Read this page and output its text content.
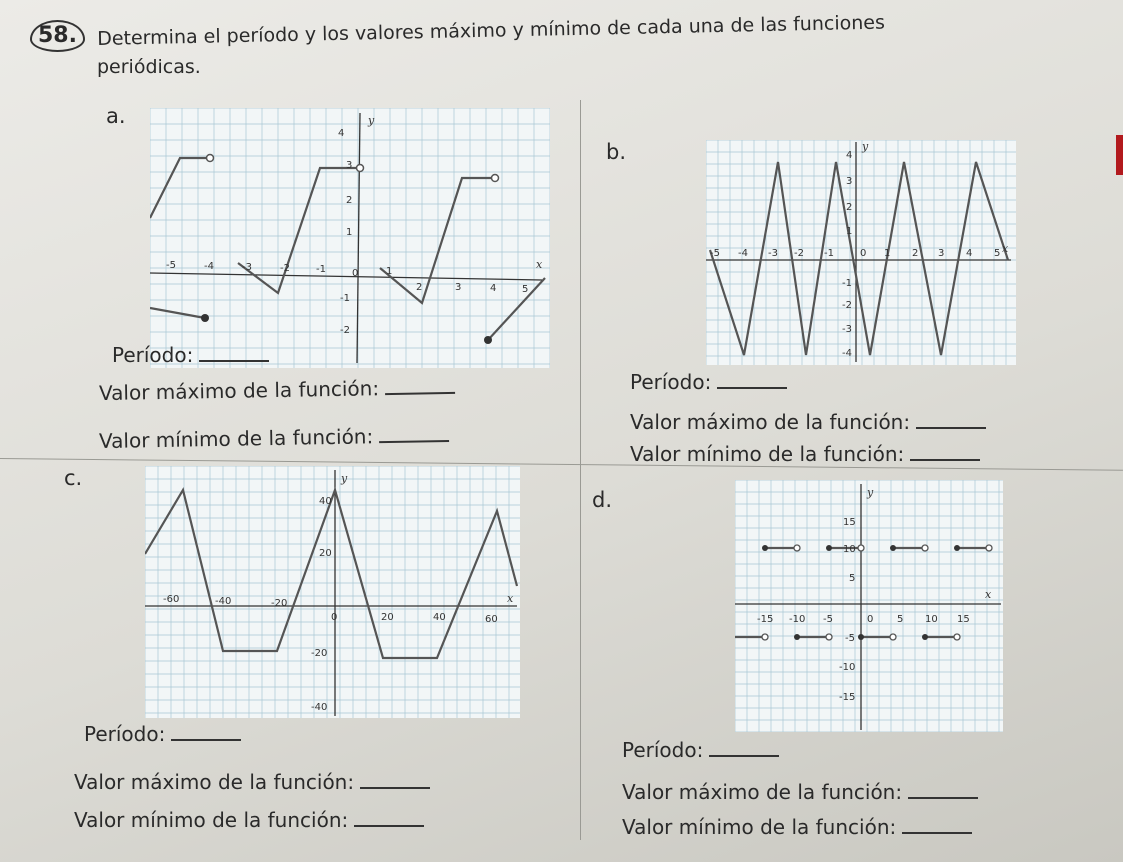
58.	Determina el período y los valores máximo y mínimo de cada una de las funciones
periódicas.
a.
b.
c.
d.
-5	-4	-3	-2	-1	0	1
2	3	4	5
4
3
2
1
-1
-2
x
y
-5 -4 -3 -2 -1	0 1 2 3 4 5
4
3
2
1
-1
-2
-3
-4
x
y
-60	-40	-20
0	20	40	60
40
20
-20
-40
x
y
-15 -10 -5	0 5 10 15
15
10
5
-5
-10
-15
x
y
Período:
Valor máximo de la función:
Valor mínimo de la función:
Período:
Valor máximo de la función:
Valor mínimo de la función:
Período:
Valor máximo de la función:
Valor mínimo de la función:
Período:
Valor máximo de la función:
Valor mínimo de la función:
